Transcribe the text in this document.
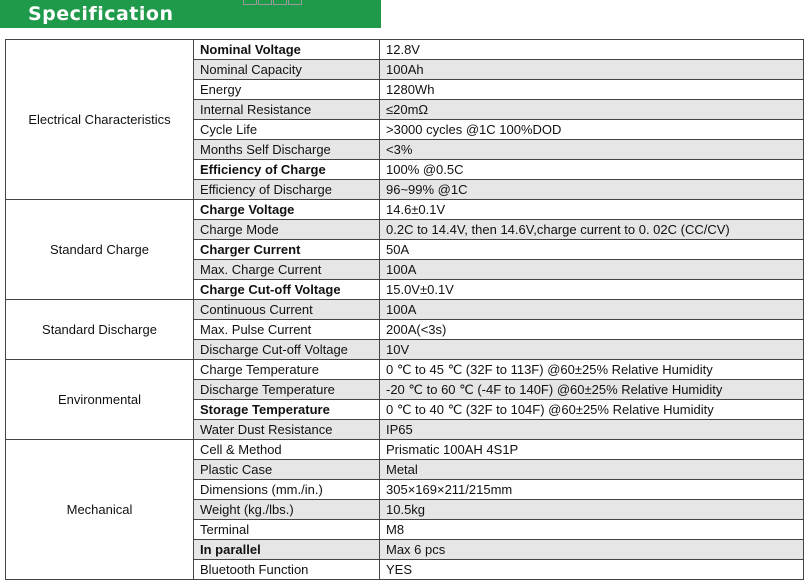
Specification
Electrical Characteristics	Nominal Voltage	12.8V
	Nominal Capacity	100Ah
	Energy	1280Wh
	Internal Resistance	≤20mΩ
	Cycle Life	>3000 cycles @1C 100%DOD
	Months Self Discharge	<3%
	Efficiency of Charge	100% @0.5C
	Efficiency of Discharge	96~99% @1C
Standard Charge	Charge Voltage	14.6±0.1V
	Charge Mode	0.2C to 14.4V, then 14.6V,charge current to 0. 02C (CC/CV)
	Charger Current	50A
	Max. Charge Current	100A
	Charge Cut-off Voltage	15.0V±0.1V
Standard Discharge	Continuous Current	100A
	Max. Pulse Current	200A(<3s)
	Discharge Cut-off Voltage	10V
Environmental	Charge Temperature	0 ℃ to 45 ℃ (32F to 113F) @60±25% Relative Humidity
	Discharge Temperature	-20 ℃ to 60 ℃ (-4F to 140F) @60±25% Relative Humidity
	Storage Temperature	0 ℃ to 40 ℃ (32F to 104F) @60±25% Relative Humidity
	Water Dust Resistance	IP65
Mechanical	Cell & Method	Prismatic 100AH 4S1P
	Plastic Case	Metal
	Dimensions (mm./in.)	305×169×211/215mm
	Weight (kg./lbs.)	10.5kg
	Terminal	M8
	In parallel	Max 6 pcs
	Bluetooth Function	YES
